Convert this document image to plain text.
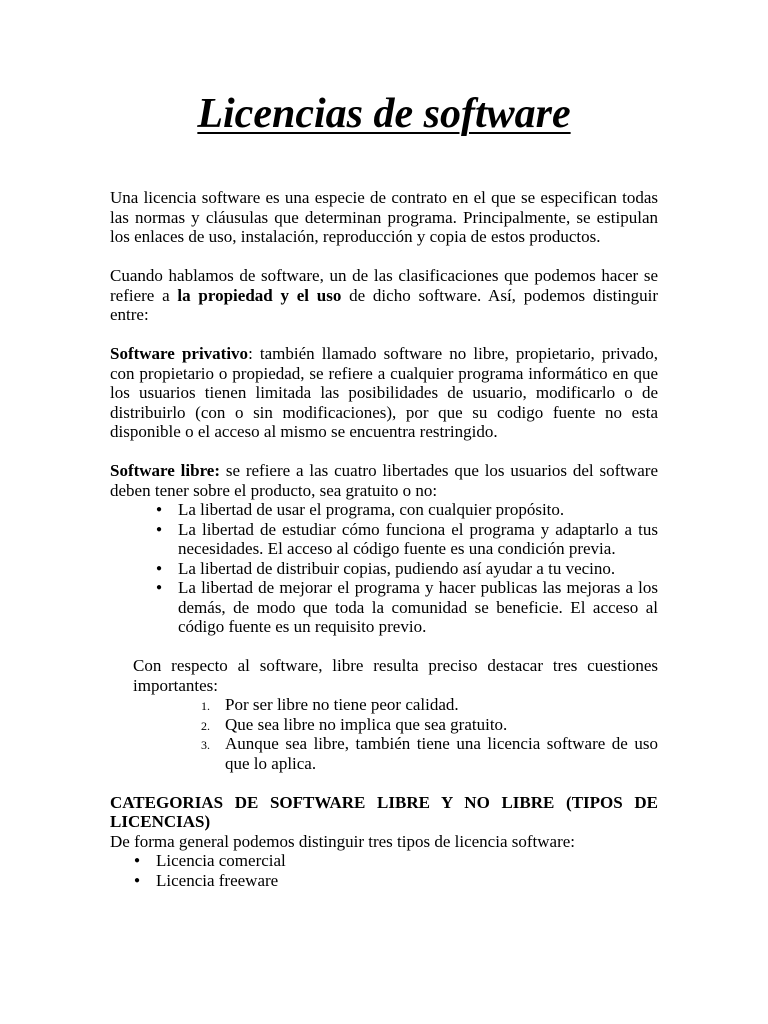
Licencias de software

Una licencia software es una especie de contrato en el que se especifican todas las normas y cláusulas que determinan programa. Principalmente, se estipulan los enlaces de uso, instalación, reproducción y copia de estos productos.

Cuando hablamos de software, un de las clasificaciones que podemos hacer se refiere a la propiedad y el uso de dicho software. Así, podemos distinguir entre:

Software privativo: también llamado software no libre, propietario, privado, con propietario o propiedad, se refiere a cualquier programa informático en que los usuarios tienen limitada las posibilidades de usuario, modificarlo o de distribuirlo (con o sin modificaciones), por que su codigo fuente no esta disponible o el acceso al mismo se encuentra restringido.

Software libre: se refiere a las cuatro libertades que los usuarios del software deben tener sobre el producto, sea gratuito o no:

● La libertad de usar el programa, con cualquier propósito.
● La libertad de estudiar cómo funciona el programa y adaptarlo a tus necesidades. El acceso al código fuente es una condición previa.
● La libertad de distribuir copias, pudiendo así ayudar a tu vecino.
● La libertad de mejorar el programa y hacer publicas las mejoras a los demás, de modo que toda la comunidad se beneficie. El acceso al código fuente es un requisito previo.

Con respecto al software, libre resulta preciso destacar tres cuestiones importantes:

1. Por ser libre no tiene peor calidad.
2. Que sea libre no implica que sea gratuito.
3. Aunque sea libre, también tiene una licencia software de uso que lo aplica.

CATEGORIAS DE SOFTWARE LIBRE Y NO LIBRE (TIPOS DE LICENCIAS)

De forma general podemos distinguir tres tipos de licencia software:

● Licencia comercial
● Licencia freeware
